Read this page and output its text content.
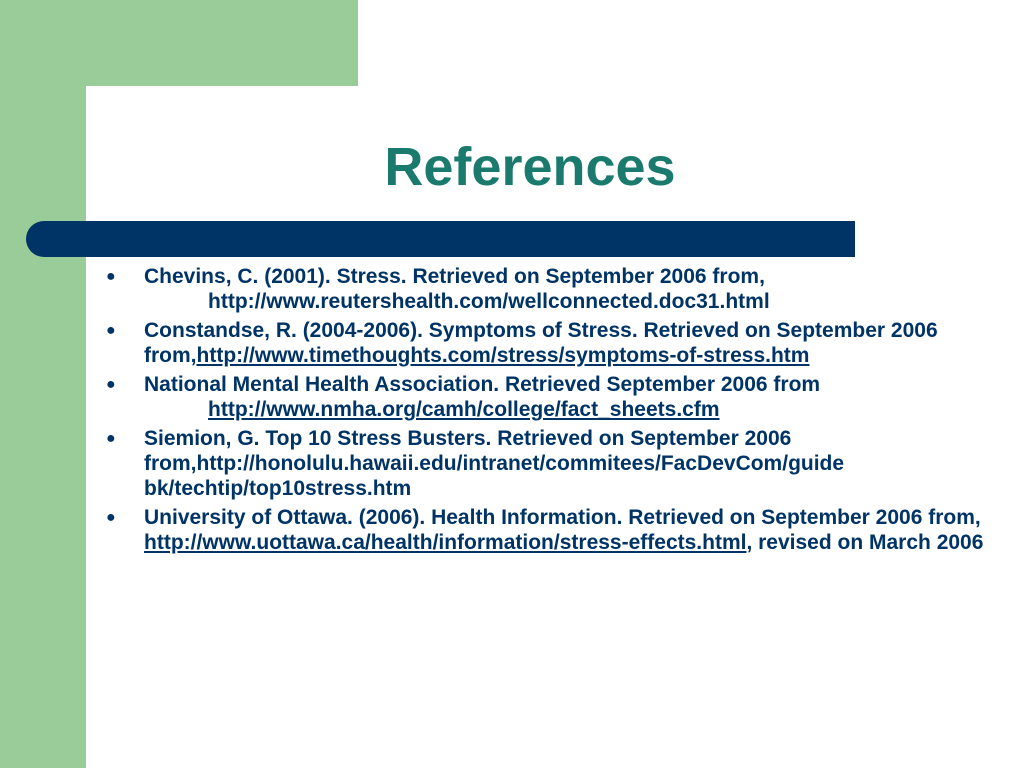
References
● Chevins, C. (2001). Stress. Retrieved on September 2006 from,
http://www.reutershealth.com/wellconnected.doc31.html
● Constandse, R. (2004-2006). Symptoms of Stress. Retrieved on September 2006 from,http://www.timethoughts.com/stress/symptoms-of-stress.htm
● National Mental Health Association. Retrieved September 2006 from
http://www.nmha.org/camh/college/fact_sheets.cfm
● Siemion, G. Top 10 Stress Busters. Retrieved on September 2006
from,http://honolulu.hawaii.edu/intranet/commitees/FacDevCom/guide
bk/techtip/top10stress.htm
● University of Ottawa. (2006). Health Information. Retrieved on September 2006 from,
http://www.uottawa.ca/health/information/stress-effects.html, revised on March 2006
